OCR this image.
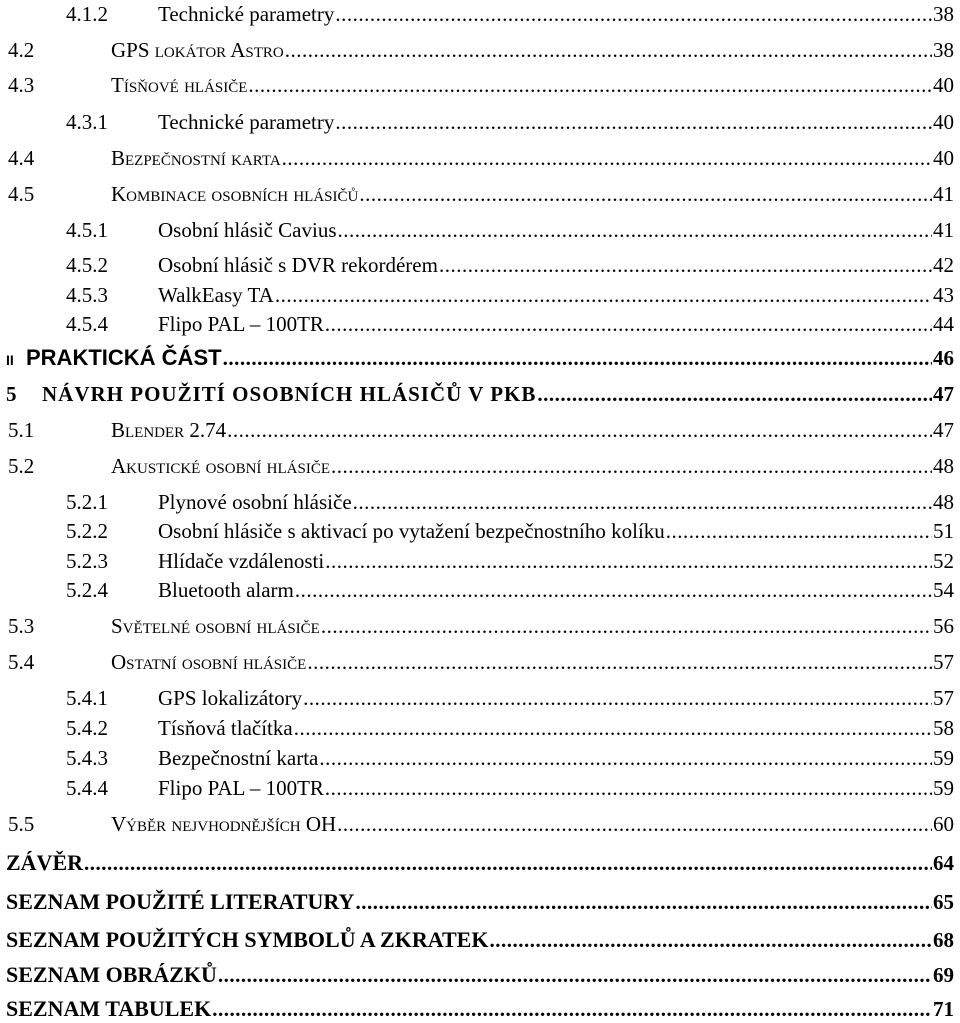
4.1.2	Technické parametry .....	38
4.2	GPS lokátor Astro .....	38
4.3	Tísňové hlásiče .....	40
4.3.1	Technické parametry .....	40
4.4	Bezpečnostní karta .....	40
4.5	Kombinace osobních hlásičů .....	41
4.5.1	Osobní hlásič Cavius .....	41
4.5.2	Osobní hlásič s DVR rekordérem .....	42
4.5.3	WalkEasy TA .....	43
4.5.4	Flipo PAL – 100TR .....	44
II PRAKTICKÁ ČÁST .....	46
5	NÁVRH POUŽITÍ OSOBNÍCH HLÁSIČŮ V PKB .....	47
5.1	Blender 2.74 .....	47
5.2	Akustické osobní hlásiče .....	48
5.2.1	Plynové osobní hlásiče .....	48
5.2.2	Osobní hlásiče s aktivací po vytažení bezpečnostního kolíku .....	51
5.2.3	Hlídače vzdálenosti .....	52
5.2.4	Bluetooth alarm .....	54
5.3	Světelné osobní hlásiče .....	56
5.4	Ostatní osobní hlásiče .....	57
5.4.1	GPS lokalizátory .....	57
5.4.2	Tísňová tlačítka .....	58
5.4.3	Bezpečnostní karta .....	59
5.4.4	Flipo PAL – 100TR .....	59
5.5	Výběr nejvhodnějších OH .....	60
ZÁVĚR .....	64
SEZNAM POUŽITÉ LITERATURY .....	65
SEZNAM POUŽITÝCH SYMBOLŮ A ZKRATEK .....	68
SEZNAM OBRÁZKŮ .....	69
SEZNAM TABULEK .....	71
